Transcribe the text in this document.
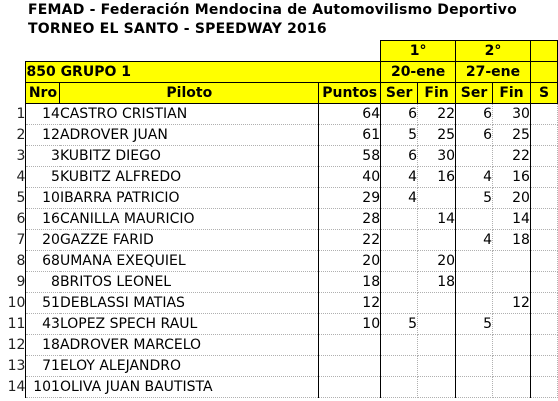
FEMAD - Federación Mendocina de Automovilismo Deportivo
TORNEO EL SANTO - SPEEDWAY 2016
				1°		2°		
	850 GRUPO 1			20-ene		27-ene		
	Nro	Piloto	Puntos	Ser	Fin	Ser	Fin	S
1	14	CASTRO CRISTIAN	64	6	22	6	30	
2	12	ADROVER JUAN	61	5	25	6	25	
3	3	KUBITZ DIEGO	58	6	30		22	
4	5	KUBITZ ALFREDO	40	4	16	4	16	
5	10	IBARRA PATRICIO	29	4		5	20	
6	16	CANILLA MAURICIO	28		14		14	
7	20	GAZZE FARID	22			4	18	
8	68	UMANA EXEQUIEL	20		20			
9	8	BRITOS LEONEL	18		18			
10	51	DEBLASSI MATIAS	12				12	
11	43	LOPEZ SPECH RAUL	10	5		5		
12	18	ADROVER MARCELO						
13	71	ELOY ALEJANDRO						
14	101	OLIVA JUAN BAUTISTA						
